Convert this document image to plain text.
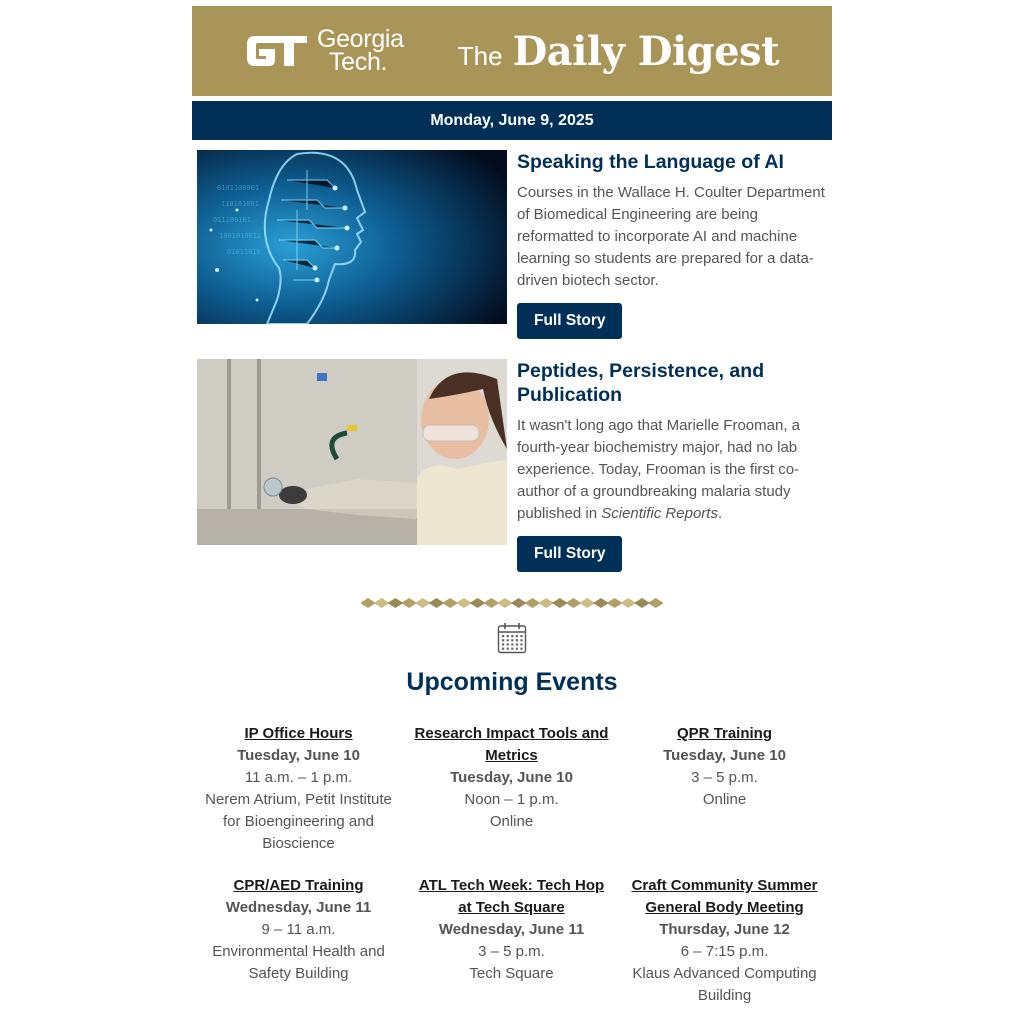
Georgia
Tech.	The Daily Digest
Monday, June 9, 2025
0101100001
110101001
011100101
1001010011
01011010
Speaking the Language of AI

Courses in the Wallace H. Coulter Department of Biomedical Engineering are being reformatted to incorporate AI and machine learning so students are prepared for a data-driven biotech sector.

Full Story
Peptides, Persistence, and Publication

It wasn't long ago that Marielle Frooman, a fourth-year biochemistry major, had no lab experience. Today, Frooman is the first co-author of a groundbreaking malaria study published in Scientific Reports.

Full Story
Upcoming Events
IP Office Hours
Tuesday, June 10
11 a.m. – 1 p.m.
Nerem Atrium, Petit Institute for Bioengineering and Bioscience
Research Impact Tools and Metrics
Tuesday, June 10
Noon – 1 p.m.
Online
QPR Training
Tuesday, June 10
3 – 5 p.m.
Online
CPR/AED Training
Wednesday, June 11
9 – 11 a.m.
Environmental Health and Safety Building
ATL Tech Week: Tech Hop at Tech Square
Wednesday, June 11
3 – 5 p.m.
Tech Square
Craft Community Summer General Body Meeting
Thursday, June 12
6 – 7:15 p.m.
Klaus Advanced Computing Building
